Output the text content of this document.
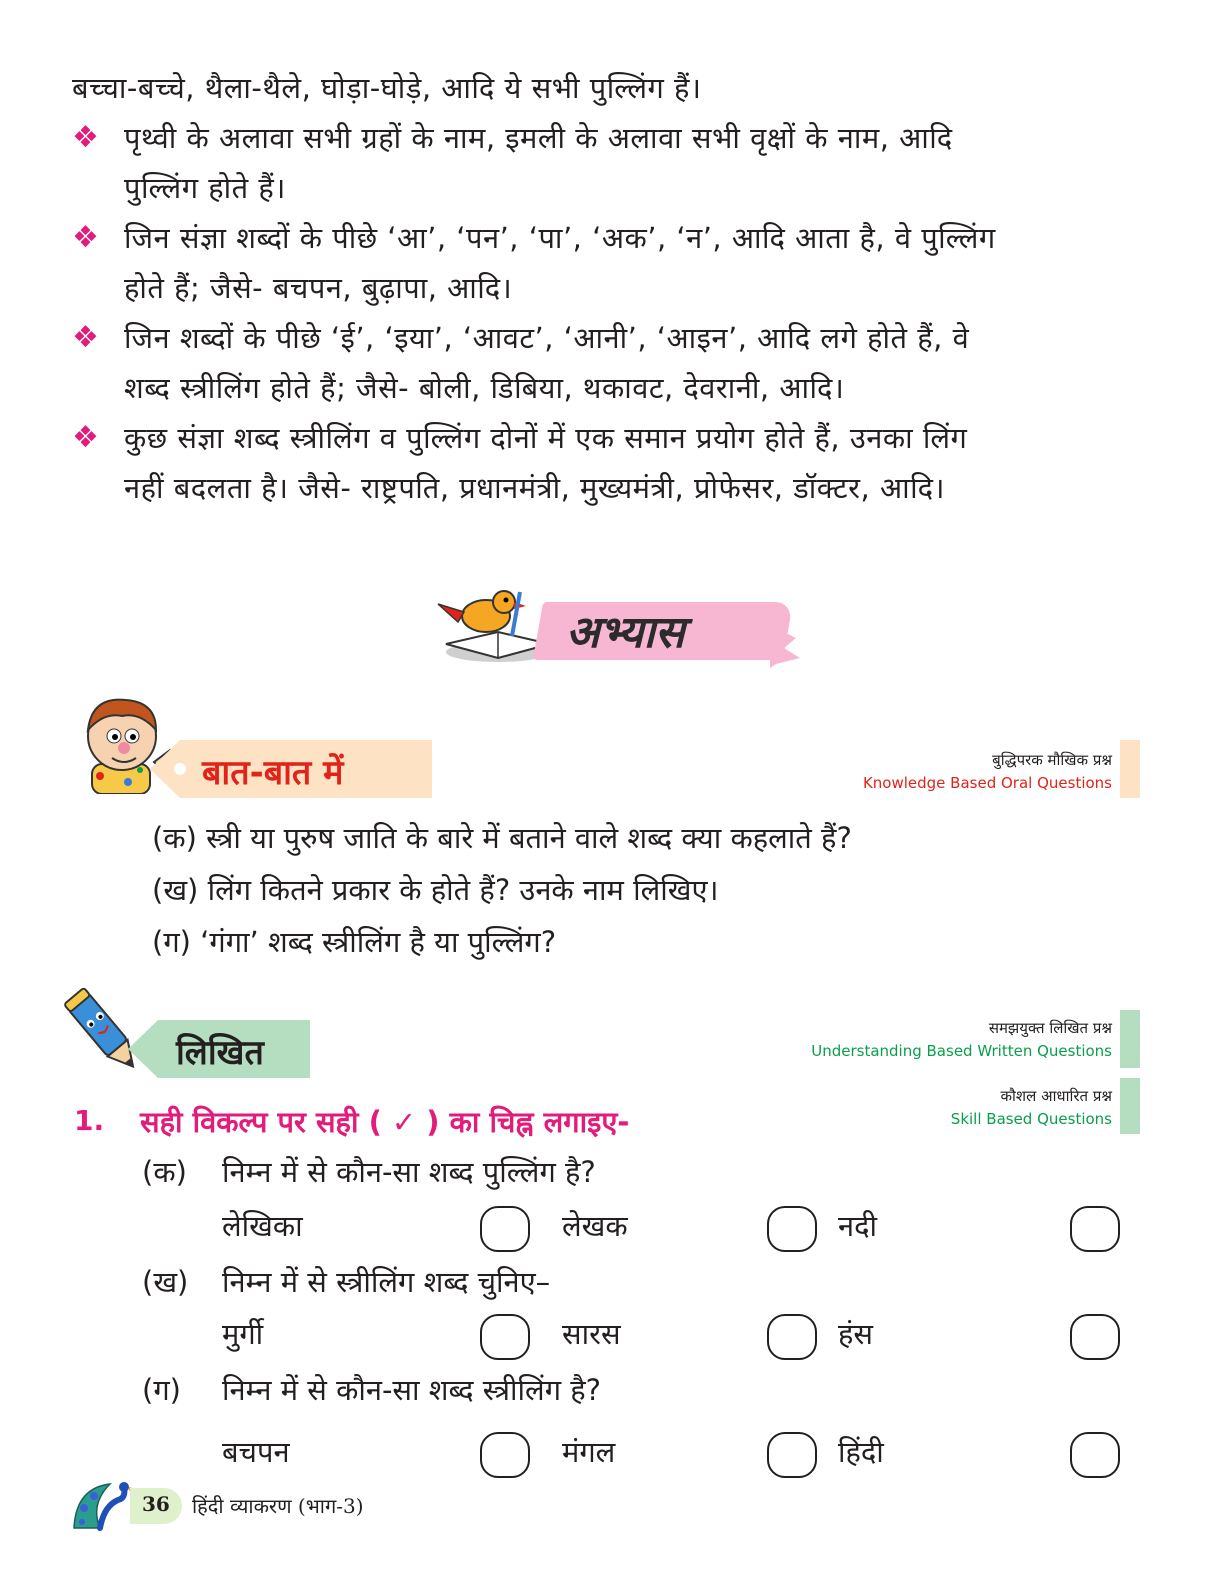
बच्चा-बच्चे, थैला-थैले, घोड़ा-घोड़े, आदि ये सभी पुल्लिंग हैं।
❖ पृथ्वी के अलावा सभी ग्रहों के नाम, इमली के अलावा सभी वृक्षों के नाम, आदि
पुल्लिंग होते हैं।
❖ जिन संज्ञा शब्दों के पीछे ‘आ’, ‘पन’, ‘पा’, ‘अक’, ‘न’, आदि आता है, वे पुल्लिंग
होते हैं; जैसे- बचपन, बुढ़ापा, आदि।
❖ जिन शब्दों के पीछे ‘ई’, ‘इया’, ‘आवट’, ‘आनी’, ‘आइन’, आदि लगे होते हैं, वे
शब्द स्त्रीलिंग होते हैं; जैसे- बोली, डिबिया, थकावट, देवरानी, आदि।
❖ कुछ संज्ञा शब्द स्त्रीलिंग व पुल्लिंग दोनों में एक समान प्रयोग होते हैं, उनका लिंग
नहीं बदलता है। जैसे- राष्ट्रपति, प्रधानमंत्री, मुख्यमंत्री, प्रोफेसर, डॉक्टर, आदि।
अभ्यास
बात-बात में	बुद्धिपरक मौखिक प्रश्न
Knowledge Based Oral Questions
(क) स्त्री या पुरुष जाति के बारे में बताने वाले शब्द क्या कहलाते हैं?
(ख) लिंग कितने प्रकार के होते हैं? उनके नाम लिखिए।
(ग) ‘गंगा’ शब्द स्त्रीलिंग है या पुल्लिंग?
लिखित
समझयुक्त लिखित प्रश्न
Understanding Based Written Questions
कौशल आधारित प्रश्न
Skill Based Questions
1. सही विकल्प पर सही ( ✓ ) का चिह्न लगाइए-
(क) निम्न में से कौन-सा शब्द पुल्लिंग है?
लेखिका	लेखक	नदी
(ख) निम्न में से स्त्रीलिंग शब्द चुनिए–
मुर्गी	सारस	हंस
(ग) निम्न में से कौन-सा शब्द स्त्रीलिंग है?
बचपन	मंगल	हिंदी
36 हिंदी व्याकरण (भाग-3)
